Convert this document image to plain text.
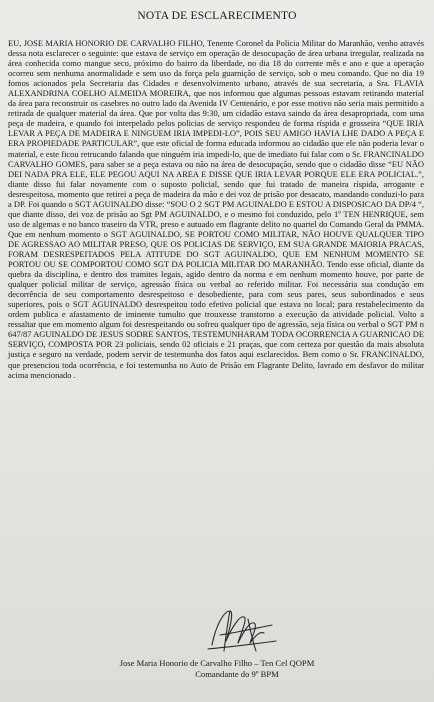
NOTA DE ESCLARECIMENTO
EU, JOSE MARIA HONORIO DE CARVALHO FILHO, Tenente Coronel da Policia Militar do Maranhão, venho através dessa nota esclarecer o seguinte: que estava de serviço em operação de desocupação de área urbana irregular, realizada na área conhecida como mangue seco, próximo do bairro da liberdade, no dia 18 do corrente mês e ano e que a operação ocorreu sem nenhuma anormalidade e sem uso da força pela guarnição de serviço, sob o meu comando. Que no dia 19 fomos acionados pela Secretaria das Cidades e desenvolvimento urbano, através de sua secretaria, a Sra. FLAVIA ALEXANDRINA COELHO ALMEIDA MOREIRA, que nos informou que algumas pessoas estavam retirando material da área para reconstruir os casebres no outro lado da Avenida IV Centenário, e por esse motivo não seria mais permitido a retirada de qualquer material da área. Que por volta das 9:30, um cidadão estava saindo da área desapropriada, com uma peça de madeira, e quando foi interpelado pelos policias de serviço respondeu de forma ríspida e grosseira “QUE IRIA LEVAR A PEÇA DE MADEIRA E NINGUEM IRIA IMPEDI-LO”, POIS SEU AMIGO HAVIA LHE DADO A PEÇA E ERA PROPIEDADE PARTICULAR”, que este oficial de forma educada informou ao cidadão que ele não poderia levar o material, e este ficou retrucando falando que ninguém iria impedi-lo, que de imediato fui falar com o Sr. FRANCINALDO CARVALHO GOMES, para saber se a peça estava ou não na área de desocupação, sendo que o cidadão disse “EU NÃO DEI NADA PRA ELE, ELE PEGOU AQUI NA AREA E DISSE QUE IRIA LEVAR PORQUE ELE ERA POLICIAL.”, diante disso fui falar novamente com o suposto policial, sendo que fui tratado de maneira ríspida, arrogante e desrespeitosa, momento que retirei a peça de madeira da mão e dei voz de prisão por desacato, mandando conduzi-lo para a DP. Foi quando o SGT AGUINALDO disse: “SOU O 2 SGT PM AGUINALDO E ESTOU A DISPOSICAO DA DP/4 “, que diante disso, dei voz de prisão ao Sgt PM AGUINALDO, e o mesmo foi conduzido, pelo 1º TEN HENRIQUE, sem uso de algemas e no banco traseiro da VTR, preso e autuado em flagrante delito no quartel do Comando Geral da PMMA. Que em nenhum momento o SGT AGUINALDO, SE PORTOU COMO MILITAR, NÃO HOUVE QUALQUER TIPO DE AGRESSAO AO MILITAR PRESO, QUE OS POLICIAS DE SERVIÇO, EM SUA GRANDE MAIORIA PRACAS, FORAM DESRESPEITADOS PELA ATITUDE DO SGT AGUINALDO, QUE EM NENHUM MOMENTO SE PORTOU OU SE COMPORTOU COMO SGT DA POLICIA MILITAR DO MARANHÃO. Tendo esse oficial, diante da quebra da disciplina, e dentro dos tramites legais, agido dentro da norma e em nenhum momento houve, por parte de qualquer policial militar de serviço, agressão física ou verbal ao referido militar. Foi necessária sua condução em decorrência de seu comportamento desrespeitoso e desobediente, para com seus pares, seus subordinados e seus superiores, pois o SGT AGUINALDO desrespeitou todo efetivo policial que estava no local; para restabelecimento da ordem publica e afastamento de iminente tumulto que trouxesse transtorno a execução da atividade policial. Volto a ressaltar que em momento algum foi desrespeitando ou sofreu qualquer tipo de agressão, seja física ou verbal o SGT PM n 647/87 AGUINALDO DE JESUS SODRE SANTOS, TESTEMUNHARAM TODA OCORRENCIA A GUARNICAO DE SERVIÇO, COMPOSTA POR 23 policiais, sendo 02 oficiais e 21 praças, que com certeza por questão da mais absoluta justiça e seguro na verdade, podem servir de testemunha dos fatos aqui esclarecidos. Bem como o Sr. FRANCINALDO, que presenciou toda ocorrência, e foi testemunha no Auto de Prisão em Flagrante Delito, lavrado em desfavor do militar acima mencionado .
Jose Maria Honorio de Carvalho Filho – Ten Cel QOPM
Comandante do 9º BPM
